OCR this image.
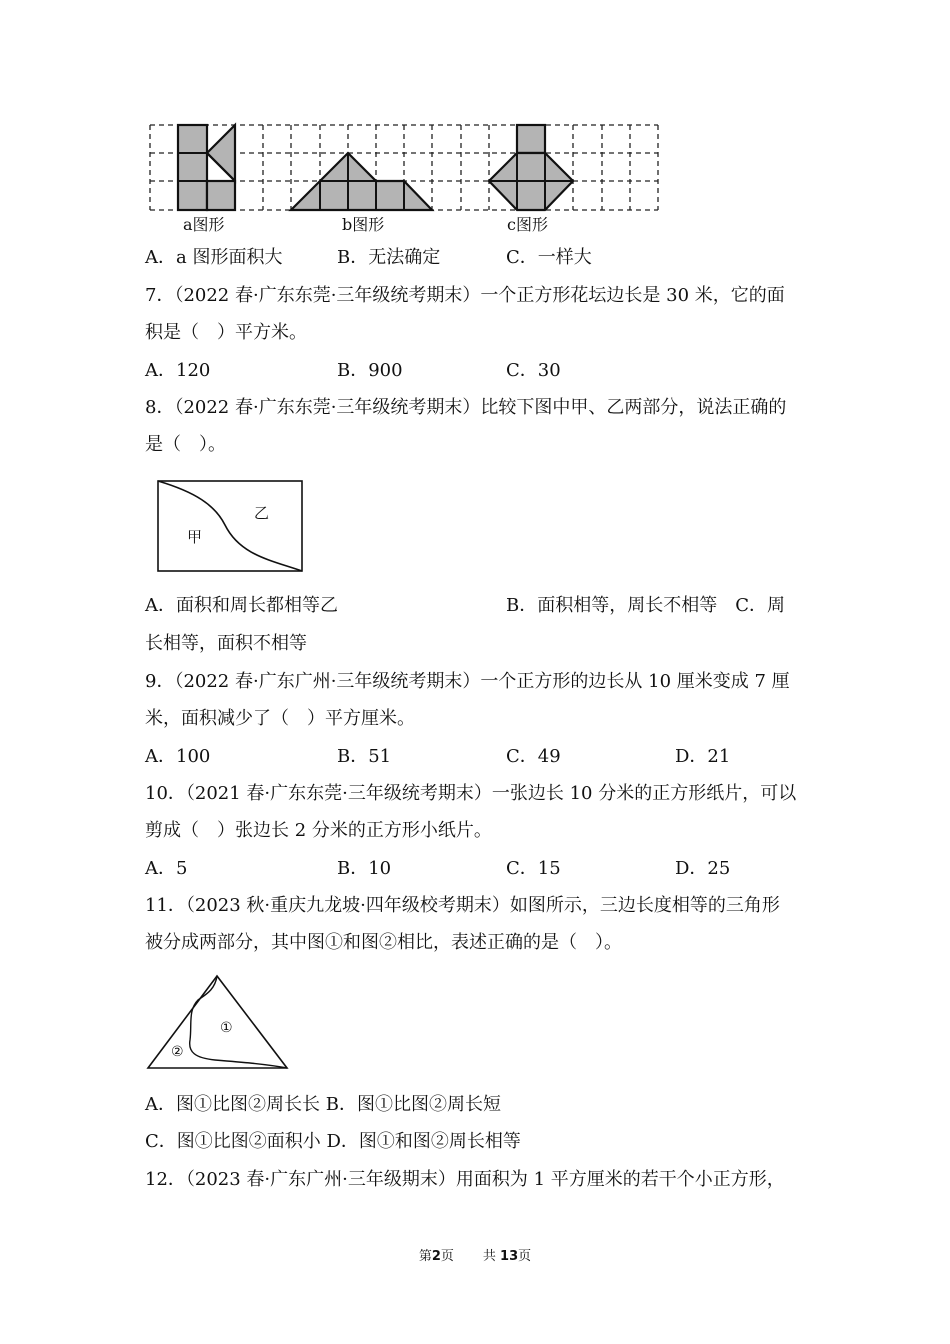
a图形	b图形	c图形
A．a 图形面积大	B．无法确定	C．一样大
7．（2022 春·广东东莞·三年级统考期末）一个正方形花坛边长是 30 米，它的面
积是（　）平方米。
A．120	B．900	C．30
8．（2022 春·广东东莞·三年级统考期末）比较下图中甲、乙两部分，说法正确的
是（　）。
甲
乙
A．面积和周长都相等乙	B．面积相等，周长不相等　C．周
长相等，面积不相等
9．（2022 春·广东广州·三年级统考期末）一个正方形的边长从 10 厘米变成 7 厘
米，面积减少了（　）平方厘米。
A．100	B．51	C．49	D．21
10．（2021 春·广东东莞·三年级统考期末）一张边长 10 分米的正方形纸片，可以
剪成（　）张边长 2 分米的正方形小纸片。
A．5	B．10	C．15	D．25
11．（2023 秋·重庆九龙坡·四年级校考期末）如图所示，三边长度相等的三角形
被分成两部分，其中图①和图②相比，表述正确的是（　）。
①
②
A．图①比图②周长长 B．图①比图②周长短
C．图①比图②面积小 D．图①和图②周长相等
12．（2023 春·广东广州·三年级期末）用面积为 1 平方厘米的若干个小正方形，
第2页 共 13页
